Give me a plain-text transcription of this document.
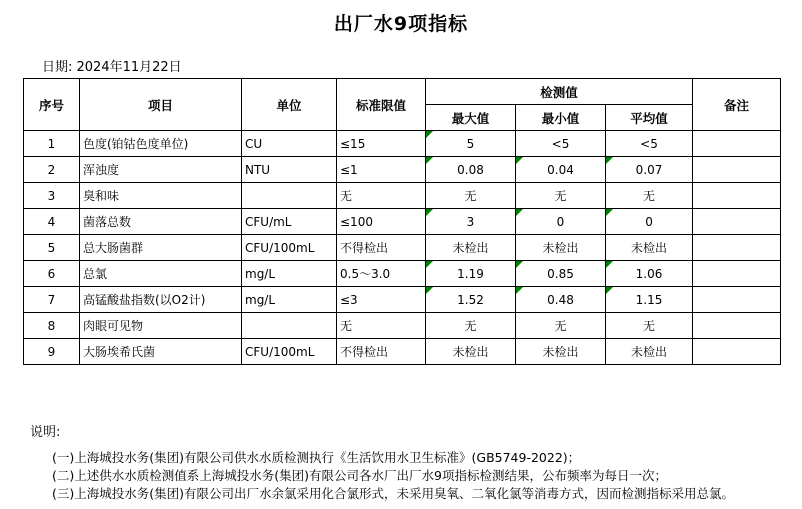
出厂水9项指标
日期: 2024年11月22日
序号	项目	单位	标准限值	检测值			备注
				最大值	最小值	平均值	
1	色度(铂钴色度单位)	CU	≤15	5	<5	<5	
2	浑浊度	NTU	≤1	0.08	0.04	0.07	
3	臭和味		无	无	无	无	
4	菌落总数	CFU/mL	≤100	3	0	0	
5	总大肠菌群	CFU/100mL	不得检出	未检出	未检出	未检出	
6	总氯	mg/L	0.5～3.0	1.19	0.85	1.06	
7	高锰酸盐指数(以O2计)	mg/L	≤3	1.52	0.48	1.15	
8	肉眼可见物		无	无	无	无	
9	大肠埃希氏菌	CFU/100mL	不得检出	未检出	未检出	未检出	
说明:
(一)上海城投水务(集团)有限公司供水水质检测执行《生活饮用水卫生标准》(GB5749-2022)；
(二)上述供水水质检测值系上海城投水务(集团)有限公司各水厂出厂水9项指标检测结果，公布频率为每日一次；
(三)上海城投水务(集团)有限公司出厂水余氯采用化合氯形式，未采用臭氧、二氧化氯等消毒方式，因而检测指标采用总氯。
